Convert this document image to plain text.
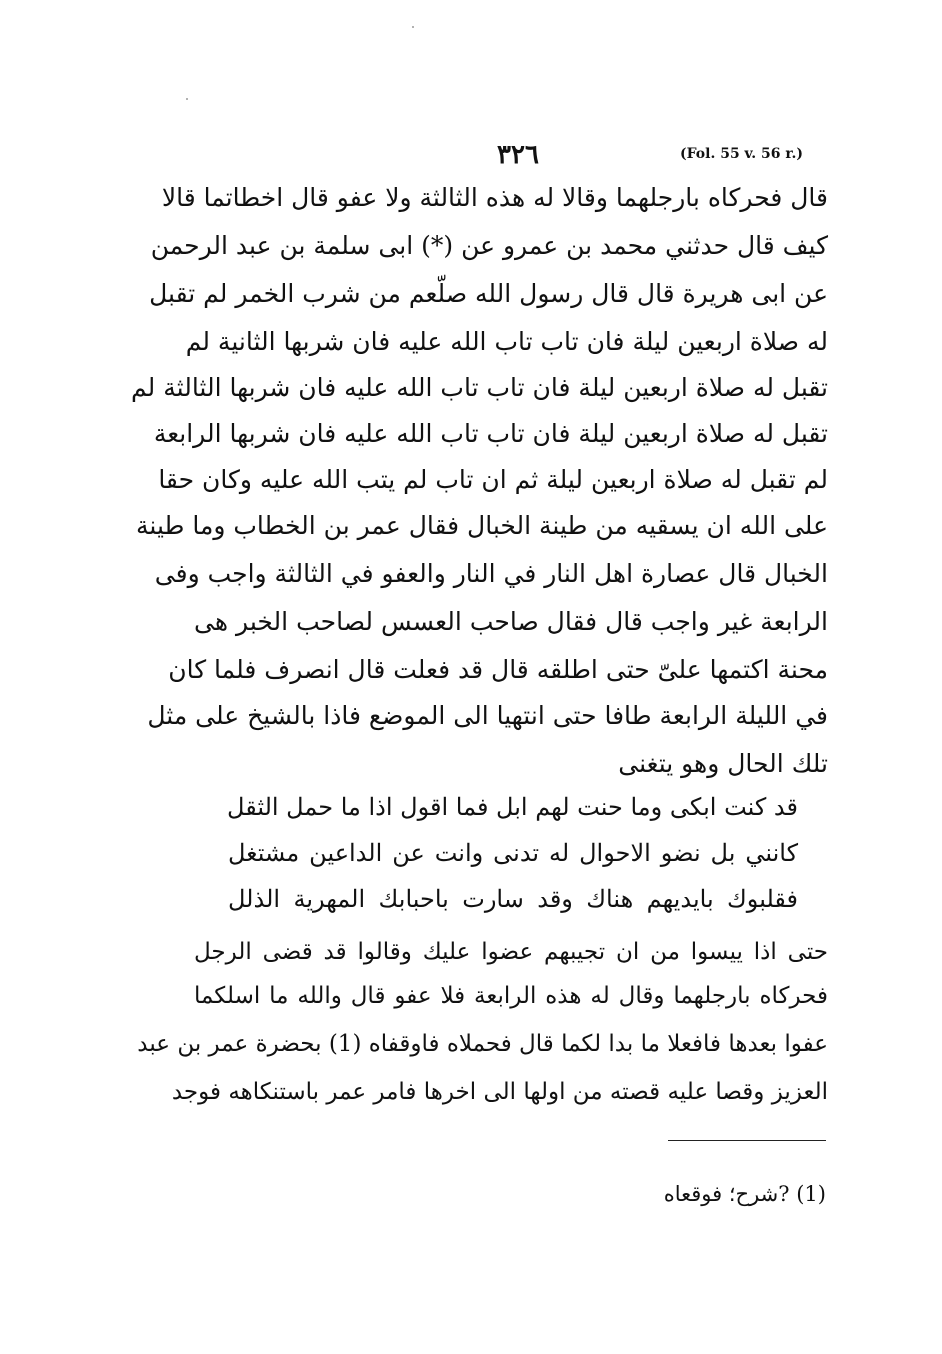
٣٢٦	(Fol. 55 v. 56 r.)
قال فحركاه بارجلهما وقالا له هذه الثالثة ولا عفو قال اخطاتما قالا
كيف قال حدثني محمد بن عمرو عن (*) ابى سلمة بن عبد الرحمن
عن ابى هريرة قال قال رسول الله صلّعم من شرب الخمر لم تقبل
له صلاة اربعين ليلة فان تاب تاب الله عليه فان شربها الثانية لم
تقبل له صلاة اربعين ليلة فان تاب تاب الله عليه فان شربها الثالثة لم
تقبل له صلاة اربعين ليلة فان تاب تاب الله عليه فان شربها الرابعة
لم تقبل له صلاة اربعين ليلة ثم ان تاب لم يتب الله عليه وكان حقا
على الله ان يسقيه من طينة الخبال فقال عمر بن الخطاب وما طينة
الخبال قال عصارة اهل النار في النار والعفو في الثالثة واجب وفى
الرابعة غير واجب قال فقال صاحب العسس لصاحب الخبر هى
محنة اكتمها علىّ حتى اطلقه قال قد فعلت قال انصرف فلما كان
في الليلة الرابعة طافا حتى انتهيا الى الموضع فاذا بالشيخ على مثل
تلك الحال وهو يتغنى
قد كنت ابكى وما حنت لهم ابل فما اقول اذا ما حمل الثقل
كانني بل نضو الاحوال له تدنى وانت عن الداعين مشتغل
فقلبوك بايديهم هناك وقد سارت باحبابك المهرية الذلل
حتى اذا ييسوا من ان تجيبهم عضوا عليك وقالوا قد قضى الرجل
فحركاه بارجلهما وقال له هذه الرابعة فلا عفو قال والله ما اسلكما
عفوا بعدها فافعلا ما بدا لكما قال فحملاه فاوقفاه (1) بحضرة عمر بن عبد
العزيز وقصا عليه قصته من اولها الى اخرها فامر عمر باستنكاهه فوجد
(1) ?شرح؛ فوقعاه
